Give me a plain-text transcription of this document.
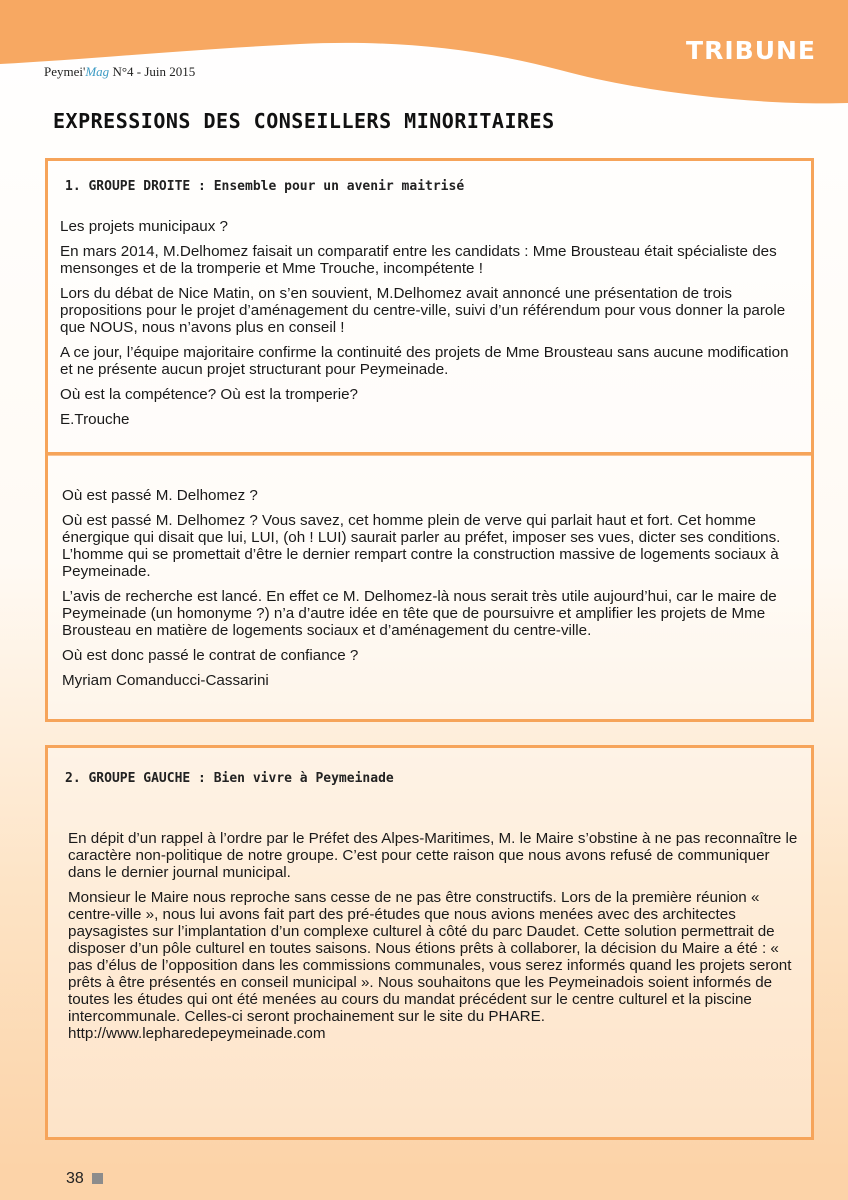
TRIBUNE
Peymei'Mag N°4 - Juin 2015
EXPRESSIONS DES CONSEILLERS MINORITAIRES
1. GROUPE DROITE : Ensemble pour un avenir maitrisé

Les projets municipaux ?

En mars 2014, M.Delhomez faisait un comparatif entre les candidats : Mme Brousteau était spécialiste des mensonges et de la tromperie et Mme Trouche, incompétente !

Lors du débat de Nice Matin, on s’en souvient, M.Delhomez avait annoncé une présentation de trois propositions pour le projet d’aménagement du centre-ville, suivi d’un référendum pour vous donner la parole que NOUS, nous n’avons plus en conseil !

A ce jour, l’équipe majoritaire confirme la continuité des projets de Mme Brousteau sans aucune modification et ne présente aucun projet structurant pour Peymeinade.

Où est la compétence? Où est la tromperie?

E.Trouche

Où est passé M. Delhomez ?

Où est passé M. Delhomez ? Vous savez, cet homme plein de verve qui parlait haut et fort. Cet homme énergique qui disait que lui, LUI, (oh ! LUI) saurait parler au préfet, imposer ses vues, dicter ses conditions. L’homme qui se promettait d’être le dernier rempart contre la construction massive de logements sociaux à Peymeinade.

L’avis de recherche est lancé. En effet ce M. Delhomez-là nous serait très utile aujourd’hui, car le maire de Peymeinade (un homonyme ?) n’a d’autre idée en tête que de poursuivre et amplifier les projets de Mme Brousteau en matière de logements sociaux et d’aménagement du centre-ville.

Où est donc passé le contrat de confiance ?

Myriam Comanducci-Cassarini

2. GROUPE GAUCHE : Bien vivre à Peymeinade

En dépit d’un rappel à l’ordre par le Préfet des Alpes-Maritimes, M. le Maire s’obstine à ne pas reconnaître le caractère non-politique de notre groupe. C’est pour cette raison que nous avons refusé de communiquer dans le dernier journal municipal.

Monsieur le Maire nous reproche sans cesse de ne pas être constructifs. Lors de la première réunion « centre-ville », nous lui avons fait part des pré-études que nous avions menées avec des architectes paysagistes sur l’implantation d’un complexe culturel à côté du parc Daudet. Cette solution permettrait de disposer d’un pôle culturel en toutes saisons. Nous étions prêts à collaborer, la décision du Maire a été : « pas d’élus de l’opposition dans les commissions communales, vous serez informés quand les projets seront prêts à être présentés en conseil municipal ». Nous souhaitons que les Peymeinadois soient informés de toutes les études qui ont été menées au cours du mandat précédent sur le centre culturel et la piscine intercommunale. Celles-ci seront prochainement sur le site du PHARE. http://www.lepharedepeymeinade.com

38
